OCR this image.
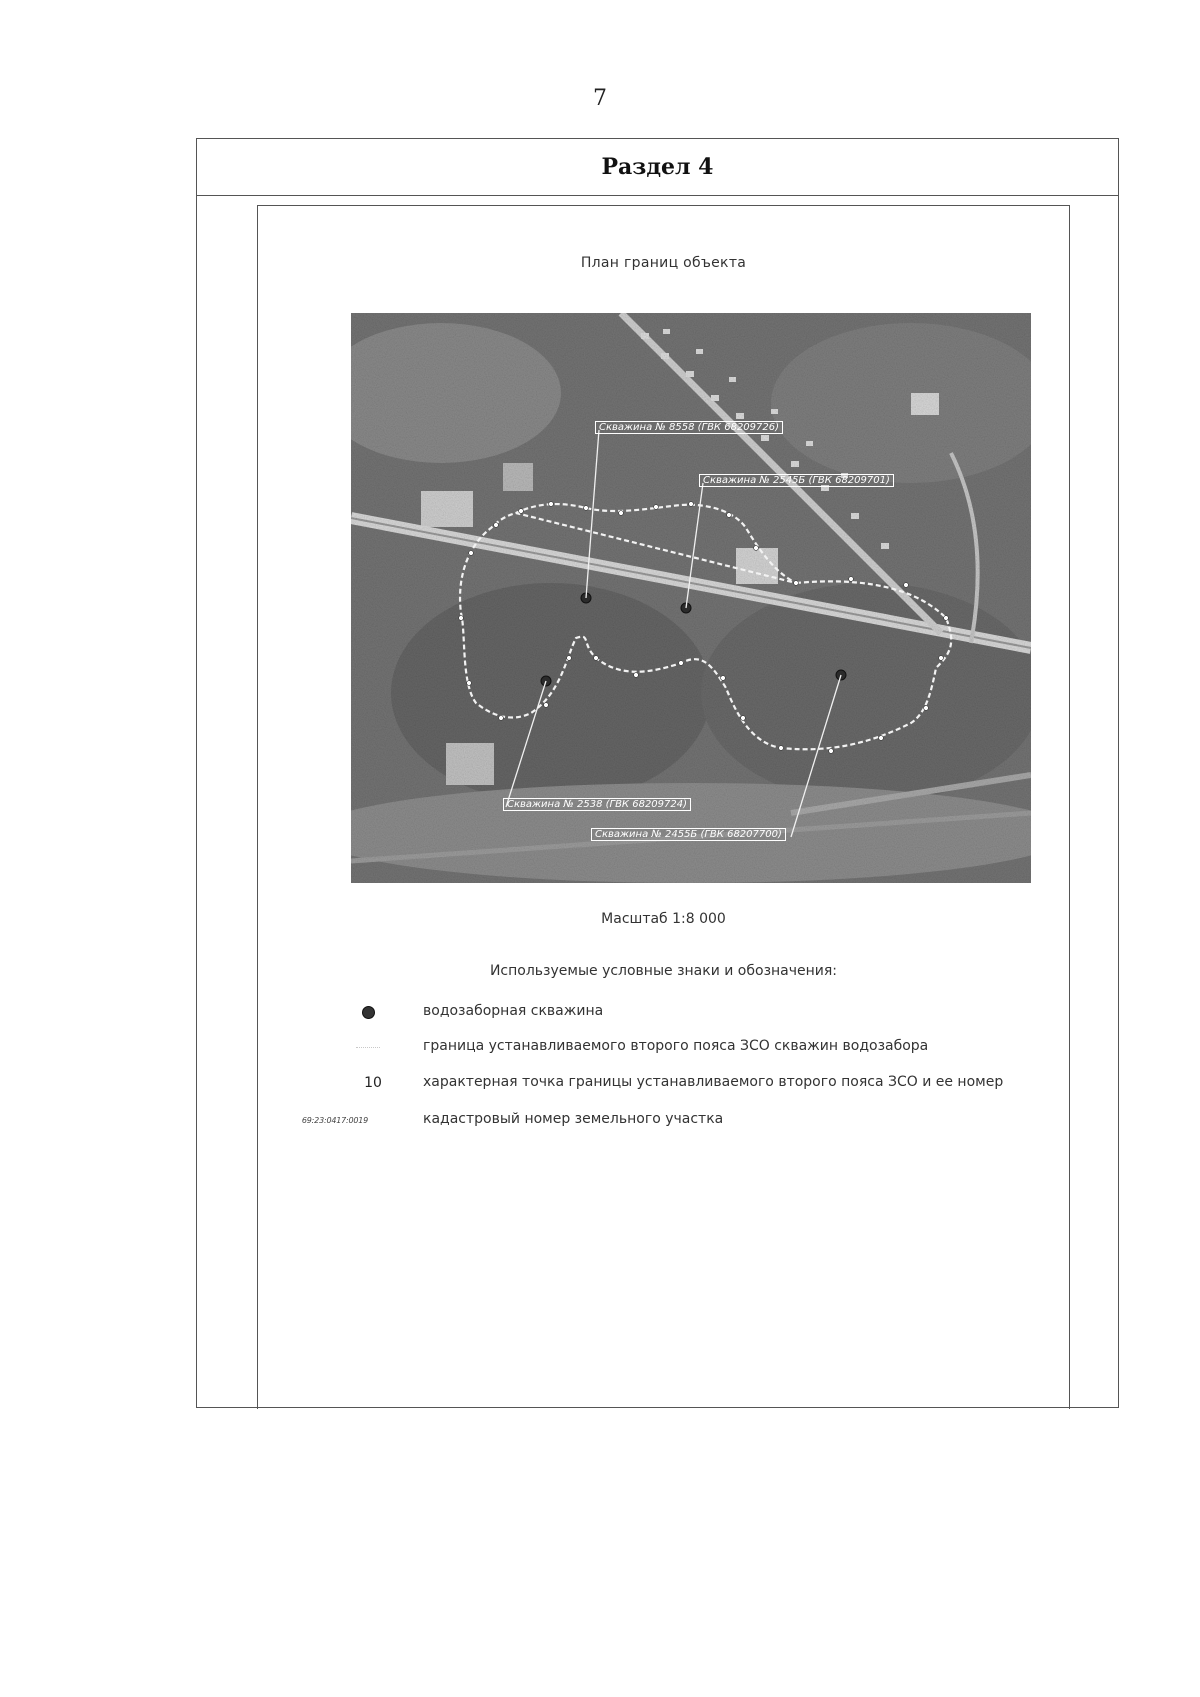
7
Раздел 4
План границ объекта
Скважина № 8558 (ГВК 68209726)
Скважина № 2545Б (ГВК 68209701)
Скважина № 2538 (ГВК 68209724)
Скважина № 2455Б (ГВК 68207700)
Масштаб 1:8 000
Используемые условные знаки и обозначения:
водозаборная скважина
граница устанавливаемого второго пояса ЗСО скважин водозабора
10	характерная точка границы устанавливаемого второго пояса ЗСО и ее номер
69:23:0417:0019	кадастровый номер земельного участка
